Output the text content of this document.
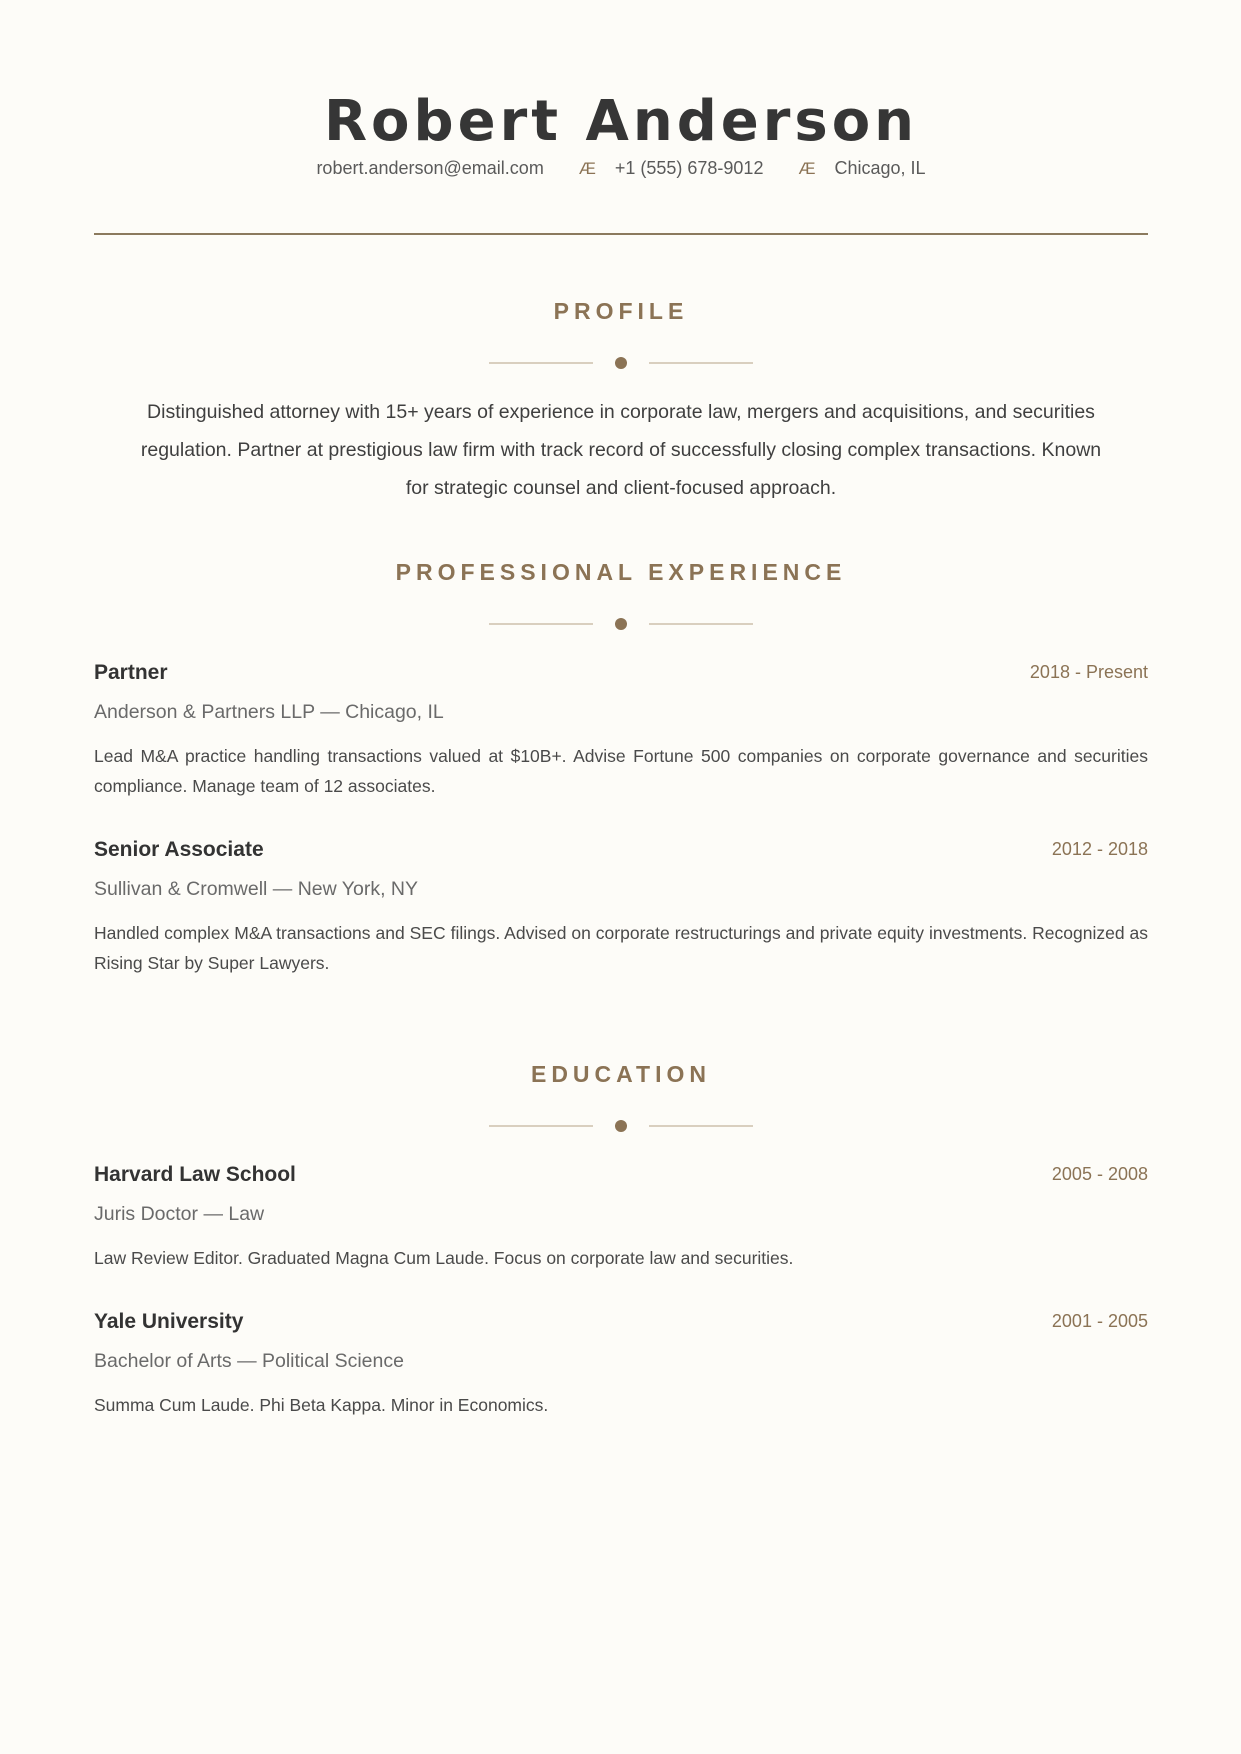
Robert Anderson
robert.anderson@email.com Æ +1 (555) 678-9012 Æ Chicago, IL
PROFILE
Distinguished attorney with 15+ years of experience in corporate law, mergers and acquisitions, and securities regulation. Partner at prestigious law firm with track record of successfully closing complex transactions. Known for strategic counsel and client-focused approach.
PROFESSIONAL EXPERIENCE
Partner	2018 - Present
Anderson & Partners LLP — Chicago, IL
Lead M&A practice handling transactions valued at $10B+. Advise Fortune 500 companies on corporate governance and securities compliance. Manage team of 12 associates.
Senior Associate	2012 - 2018
Sullivan & Cromwell — New York, NY
Handled complex M&A transactions and SEC filings. Advised on corporate restructurings and private equity investments. Recognized as Rising Star by Super Lawyers.
EDUCATION
Harvard Law School	2005 - 2008
Juris Doctor — Law
Law Review Editor. Graduated Magna Cum Laude. Focus on corporate law and securities.
Yale University	2001 - 2005
Bachelor of Arts — Political Science
Summa Cum Laude. Phi Beta Kappa. Minor in Economics.
